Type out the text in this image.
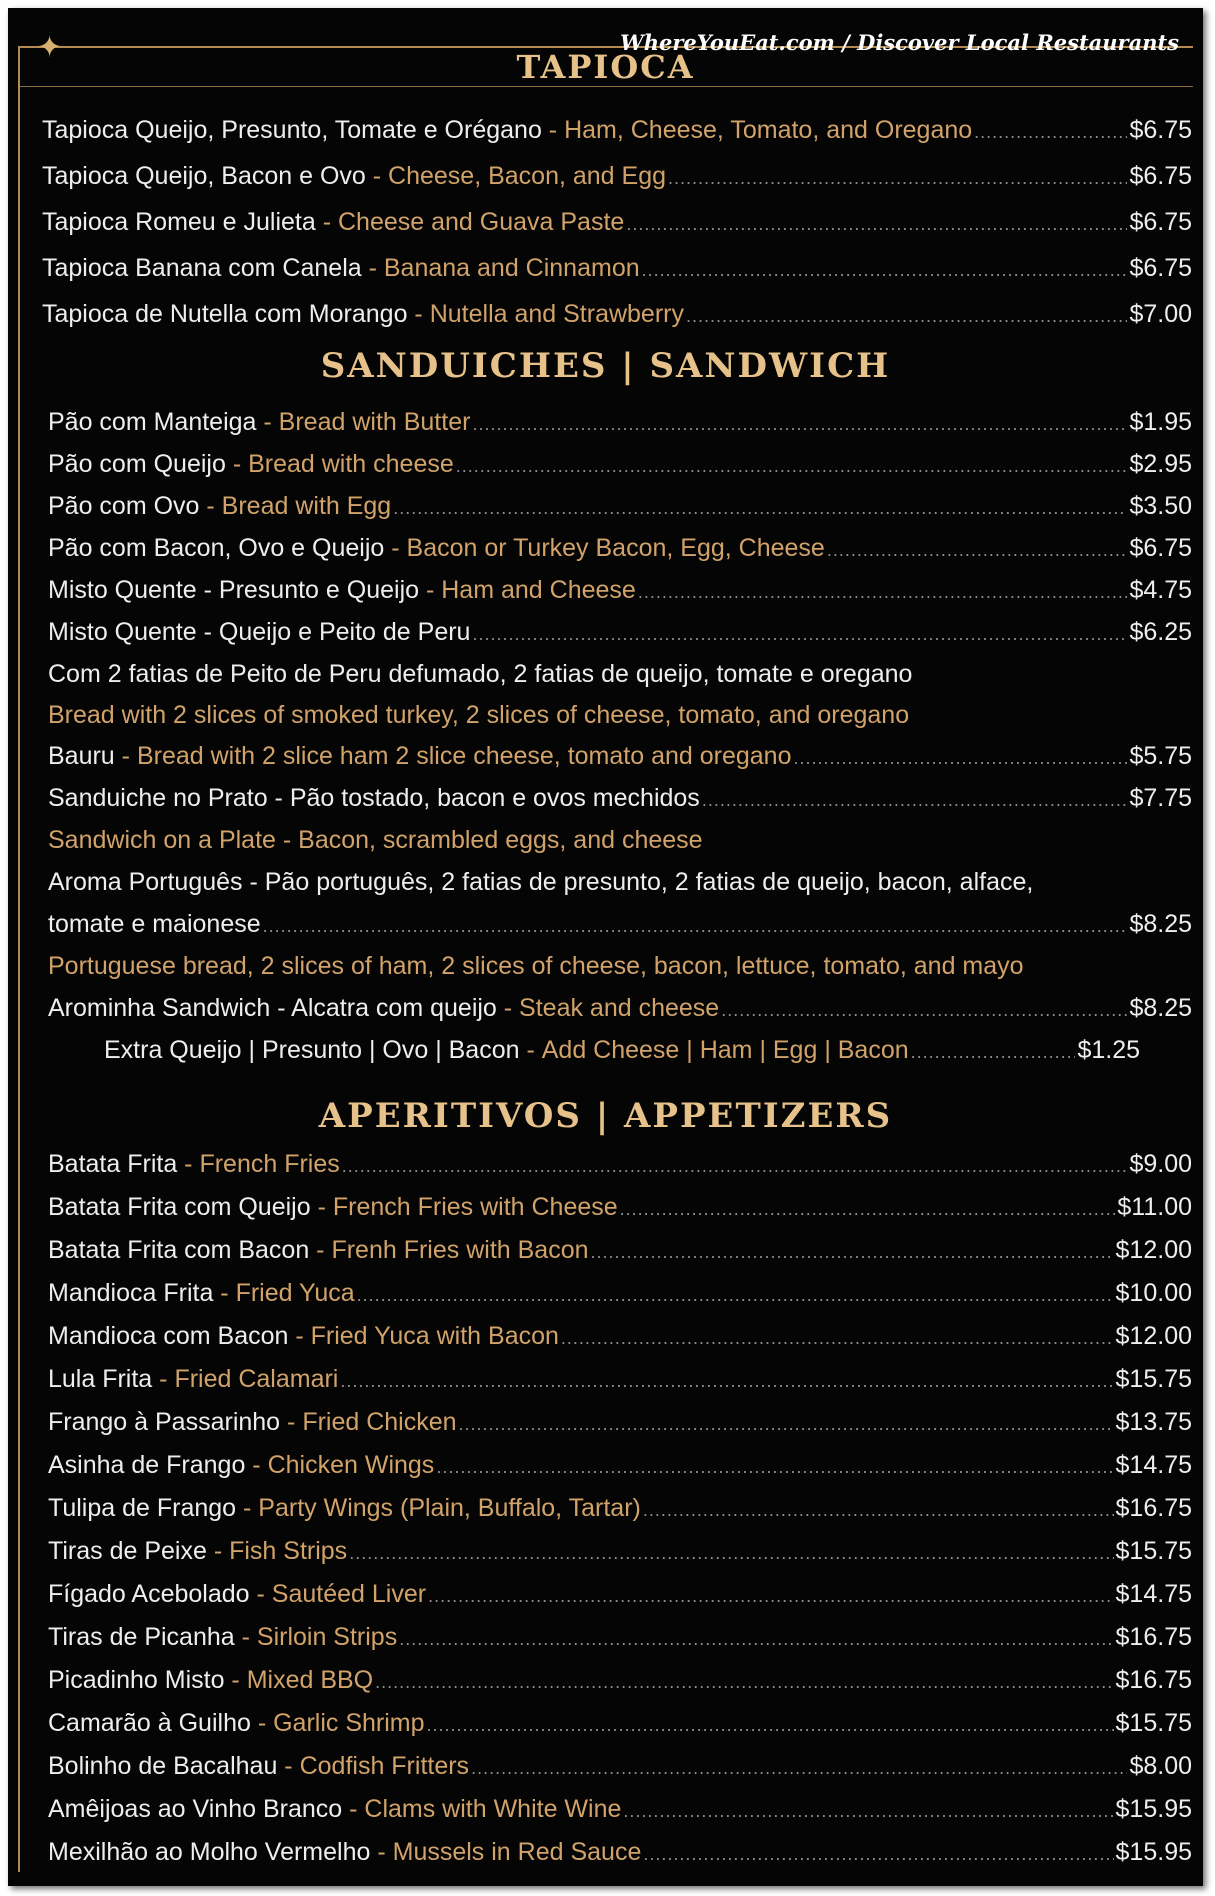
✦	WhereYouEat.com / Discover Local Restaurants
TAPIOCA
Tapioca Queijo, Presunto, Tomate e Orégano - Ham, Cheese, Tomato, and Oregano .....	$6.75
Tapioca Queijo, Bacon e Ovo - Cheese, Bacon, and Egg .....	$6.75
Tapioca Romeu e Julieta - Cheese and Guava Paste .....	$6.75
Tapioca Banana com Canela - Banana and Cinnamon .....	$6.75
Tapioca de Nutella com Morango - Nutella and Strawberry .....	$7.00
SANDUICHES | SANDWICH
Pão com Manteiga - Bread with Butter .....	$1.95
Pão com Queijo - Bread with cheese .....	$2.95
Pão com Ovo - Bread with Egg .....	$3.50
Pão com Bacon, Ovo e Queijo - Bacon or Turkey Bacon, Egg, Cheese .....	$6.75
Misto Quente - Presunto e Queijo - Ham and Cheese .....	$4.75
Misto Quente - Queijo e Peito de Peru .....	$6.25
Com 2 fatias de Peito de Peru defumado, 2 fatias de queijo, tomate e oregano
Bread with 2 slices of smoked turkey, 2 slices of cheese, tomato, and oregano
Bauru - Bread with 2 slice ham 2 slice cheese, tomato and oregano .....	$5.75
Sanduiche no Prato - Pão tostado, bacon e ovos mechidos .....	$7.75
Sandwich on a Plate - Bacon, scrambled eggs, and cheese
Aroma Português - Pão português, 2 fatias de presunto, 2 fatias de queijo, bacon, alface,
tomate e maionese .....	$8.25
Portuguese bread, 2 slices of ham, 2 slices of cheese, bacon, lettuce, tomato, and mayo
Arominha Sandwich - Alcatra com queijo - Steak and cheese .....	$8.25
Extra Queijo | Presunto | Ovo | Bacon - Add Cheese | Ham | Egg | Bacon .....	$1.25
APERITIVOS | APPETIZERS
Batata Frita - French Fries .....	$9.00
Batata Frita com Queijo - French Fries with Cheese .....	$11.00
Batata Frita com Bacon - Frenh Fries with Bacon .....	$12.00
Mandioca Frita - Fried Yuca .....	$10.00
Mandioca com Bacon - Fried Yuca with Bacon .....	$12.00
Lula Frita - Fried Calamari .....	$15.75
Frango à Passarinho - Fried Chicken .....	$13.75
Asinha de Frango - Chicken Wings .....	$14.75
Tulipa de Frango - Party Wings (Plain, Buffalo, Tartar) .....	$16.75
Tiras de Peixe - Fish Strips .....	$15.75
Fígado Acebolado - Sautéed Liver .....	$14.75
Tiras de Picanha - Sirloin Strips .....	$16.75
Picadinho Misto - Mixed BBQ .....	$16.75
Camarão à Guilho - Garlic Shrimp .....	$15.75
Bolinho de Bacalhau - Codfish Fritters .....	$8.00
Amêijoas ao Vinho Branco - Clams with White Wine .....	$15.95
Mexilhão ao Molho Vermelho - Mussels in Red Sauce .....	$15.95
